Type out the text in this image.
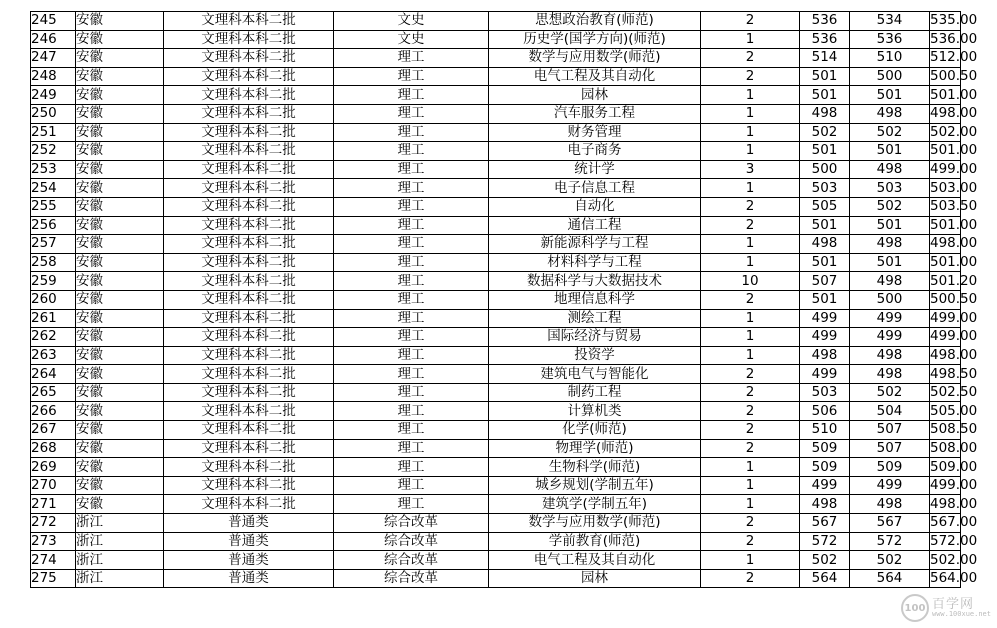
245	安徽	文理科本科二批	文史	思想政治教育(师范)	2	536	534	535.00
246	安徽	文理科本科二批	文史	历史学(国学方向)(师范)	1	536	536	536.00
247	安徽	文理科本科二批	理工	数学与应用数学(师范)	2	514	510	512.00
248	安徽	文理科本科二批	理工	电气工程及其自动化	2	501	500	500.50
249	安徽	文理科本科二批	理工	园林	1	501	501	501.00
250	安徽	文理科本科二批	理工	汽车服务工程	1	498	498	498.00
251	安徽	文理科本科二批	理工	财务管理	1	502	502	502.00
252	安徽	文理科本科二批	理工	电子商务	1	501	501	501.00
253	安徽	文理科本科二批	理工	统计学	3	500	498	499.00
254	安徽	文理科本科二批	理工	电子信息工程	1	503	503	503.00
255	安徽	文理科本科二批	理工	自动化	2	505	502	503.50
256	安徽	文理科本科二批	理工	通信工程	2	501	501	501.00
257	安徽	文理科本科二批	理工	新能源科学与工程	1	498	498	498.00
258	安徽	文理科本科二批	理工	材料科学与工程	1	501	501	501.00
259	安徽	文理科本科二批	理工	数据科学与大数据技术	10	507	498	501.20
260	安徽	文理科本科二批	理工	地理信息科学	2	501	500	500.50
261	安徽	文理科本科二批	理工	测绘工程	1	499	499	499.00
262	安徽	文理科本科二批	理工	国际经济与贸易	1	499	499	499.00
263	安徽	文理科本科二批	理工	投资学	1	498	498	498.00
264	安徽	文理科本科二批	理工	建筑电气与智能化	2	499	498	498.50
265	安徽	文理科本科二批	理工	制药工程	2	503	502	502.50
266	安徽	文理科本科二批	理工	计算机类	2	506	504	505.00
267	安徽	文理科本科二批	理工	化学(师范)	2	510	507	508.50
268	安徽	文理科本科二批	理工	物理学(师范)	2	509	507	508.00
269	安徽	文理科本科二批	理工	生物科学(师范)	1	509	509	509.00
270	安徽	文理科本科二批	理工	城乡规划(学制五年)	1	499	499	499.00
271	安徽	文理科本科二批	理工	建筑学(学制五年)	1	498	498	498.00
272	浙江	普通类	综合改革	数学与应用数学(师范)	2	567	567	567.00
273	浙江	普通类	综合改革	学前教育(师范)	2	572	572	572.00
274	浙江	普通类	综合改革	电气工程及其自动化	1	502	502	502.00
275	浙江	普通类	综合改革	园林	2	564	564	564.00
100 百学网
www.100xue.net
